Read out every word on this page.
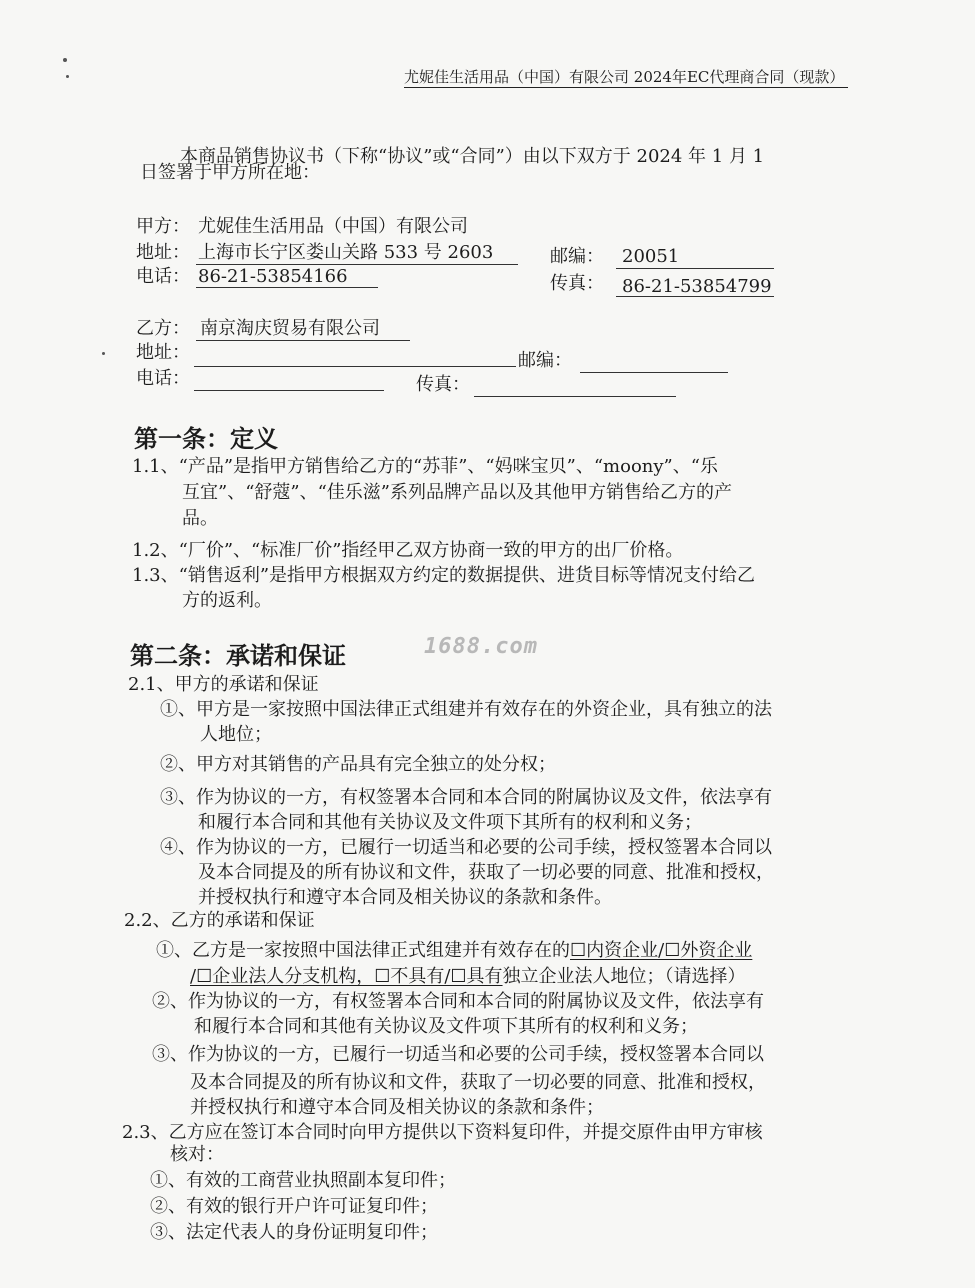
尤妮佳生活用品（中国）有限公司 2024年EC代理商合同（现款）
本商品销售协议书（下称“协议”或“合同”）由以下双方于 2024 年 1 月 1
日签署于甲方所在地：
甲方： 尤妮佳生活用品（中国）有限公司
地址： 上海市长宁区娄山关路 533 号 2603	邮编： 20051
电话： 86-21-53854166	传真： 86-21-53854799
乙方： 南京淘庆贸易有限公司
地址：	邮编：
电话：	传真：
第一条：定义
1.1、“产品”是指甲方销售给乙方的“苏菲”、“妈咪宝贝”、“moony”、“乐
互宜”、“舒蔻”、“佳乐滋”系列品牌产品以及其他甲方销售给乙方的产
品。
1.2、“厂价”、“标准厂价”指经甲乙双方协商一致的甲方的出厂价格。
1.3、“销售返利”是指甲方根据双方约定的数据提供、进货目标等情况支付给乙
方的返利。
第二条：承诺和保证	1688.com
2.1、甲方的承诺和保证
①、甲方是一家按照中国法律正式组建并有效存在的外资企业，具有独立的法
人地位；
②、甲方对其销售的产品具有完全独立的处分权；
③、作为协议的一方，有权签署本合同和本合同的附属协议及文件，依法享有
和履行本合同和其他有关协议及文件项下其所有的权利和义务；
④、作为协议的一方，已履行一切适当和必要的公司手续，授权签署本合同以
及本合同提及的所有协议和文件，获取了一切必要的同意、批准和授权，
并授权执行和遵守本合同及相关协议的条款和条件。
2.2、乙方的承诺和保证
①、乙方是一家按照中国法律正式组建并有效存在的☐内资企业/☐外资企业
/☐企业法人分支机构，☐不具有/☐具有独立企业法人地位；（请选择）
②、作为协议的一方，有权签署本合同和本合同的附属协议及文件，依法享有
和履行本合同和其他有关协议及文件项下其所有的权利和义务；
③、作为协议的一方，已履行一切适当和必要的公司手续，授权签署本合同以
及本合同提及的所有协议和文件，获取了一切必要的同意、批准和授权，
并授权执行和遵守本合同及相关协议的条款和条件；
2.3、乙方应在签订本合同时向甲方提供以下资料复印件，并提交原件由甲方审核
核对：
①、有效的工商营业执照副本复印件；
②、有效的银行开户许可证复印件；
③、法定代表人的身份证明复印件；
